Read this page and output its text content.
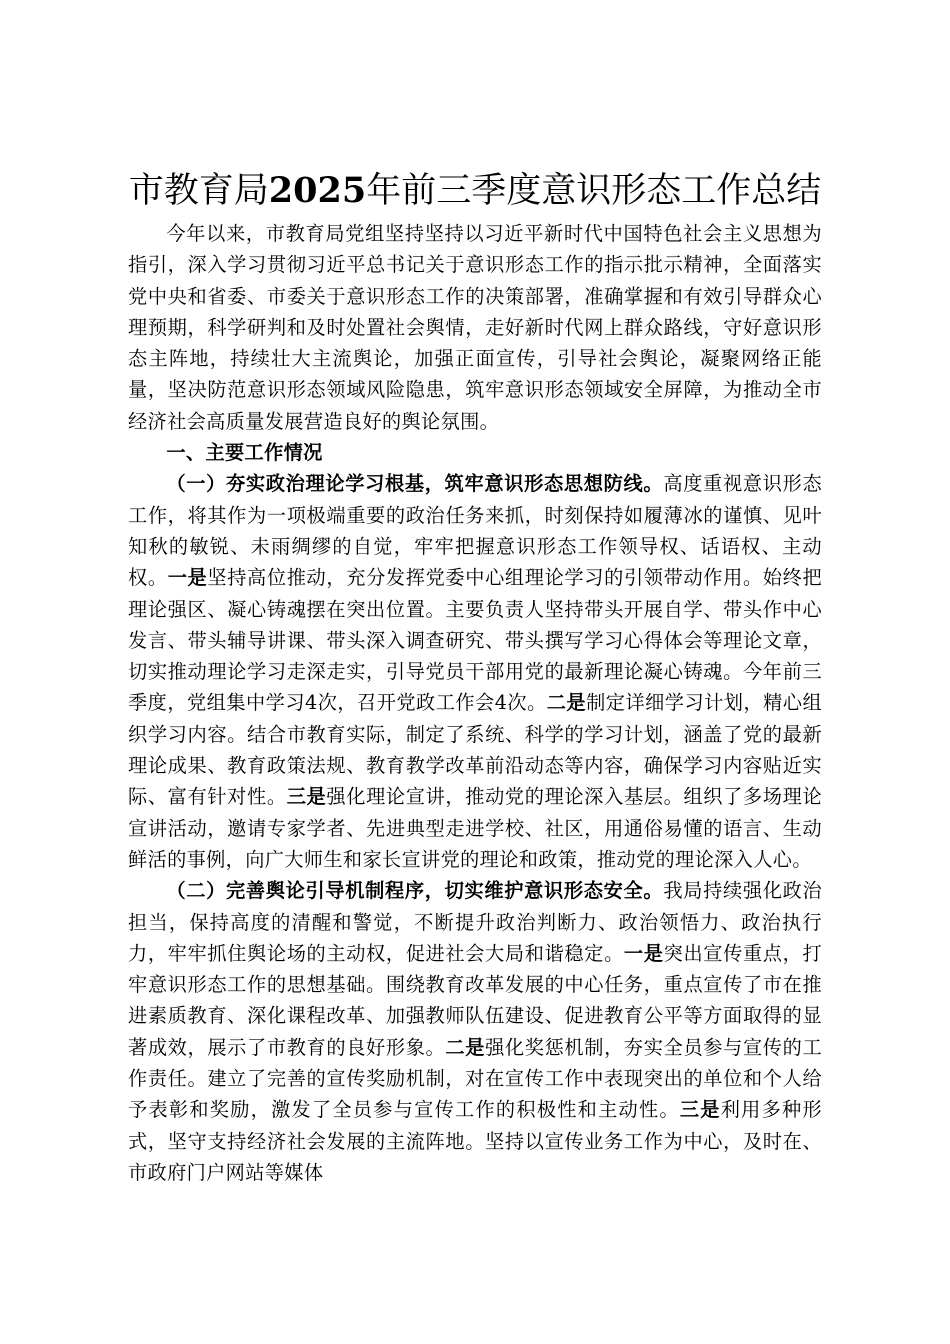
市教育局2025年前三季度意识形态工作总结

今年以来，市教育局党组坚持坚持以习近平新时代中国特色社会主义思想为指引，深入学习贯彻习近平总书记关于意识形态工作的指示批示精神，全面落实党中央和省委、市委关于意识形态工作的决策部署，准确掌握和有效引导群众心理预期，科学研判和及时处置社会舆情，走好新时代网上群众路线，守好意识形态主阵地，持续壮大主流舆论，加强正面宣传，引导社会舆论，凝聚网络正能量，坚决防范意识形态领域风险隐患，筑牢意识形态领域安全屏障，为推动全市经济社会高质量发展营造良好的舆论氛围。

一、主要工作情况

（一）夯实政治理论学习根基，筑牢意识形态思想防线。高度重视意识形态工作，将其作为一项极端重要的政治任务来抓，时刻保持如履薄冰的谨慎、见叶知秋的敏锐、未雨绸缪的自觉，牢牢把握意识形态工作领导权、话语权、主动权。一是坚持高位推动，充分发挥党委中心组理论学习的引领带动作用。始终把理论强区、凝心铸魂摆在突出位置。主要负责人坚持带头开展自学、带头作中心发言、带头辅导讲课、带头深入调查研究、带头撰写学习心得体会等理论文章，切实推动理论学习走深走实，引导党员干部用党的最新理论凝心铸魂。今年前三季度，党组集中学习4次，召开党政工作会4次。二是制定详细学习计划，精心组织学习内容。结合市教育实际，制定了系统、科学的学习计划，涵盖了党的最新理论成果、教育政策法规、教育教学改革前沿动态等内容，确保学习内容贴近实际、富有针对性。三是强化理论宣讲，推动党的理论深入基层。组织了多场理论宣讲活动，邀请专家学者、先进典型走进学校、社区，用通俗易懂的语言、生动鲜活的事例，向广大师生和家长宣讲党的理论和政策，推动党的理论深入人心。

（二）完善舆论引导机制程序，切实维护意识形态安全。我局持续强化政治担当，保持高度的清醒和警觉，不断提升政治判断力、政治领悟力、政治执行力，牢牢抓住舆论场的主动权，促进社会大局和谐稳定。一是突出宣传重点，打牢意识形态工作的思想基础。围绕教育改革发展的中心任务，重点宣传了市在推进素质教育、深化课程改革、加强教师队伍建设、促进教育公平等方面取得的显著成效，展示了市教育的良好形象。二是强化奖惩机制，夯实全员参与宣传的工作责任。建立了完善的宣传奖励机制，对在宣传工作中表现突出的单位和个人给予表彰和奖励，激发了全员参与宣传工作的积极性和主动性。三是利用多种形式，坚守支持经济社会发展的主流阵地。坚持以宣传业务工作为中心，及时在、市政府门户网站等媒体
